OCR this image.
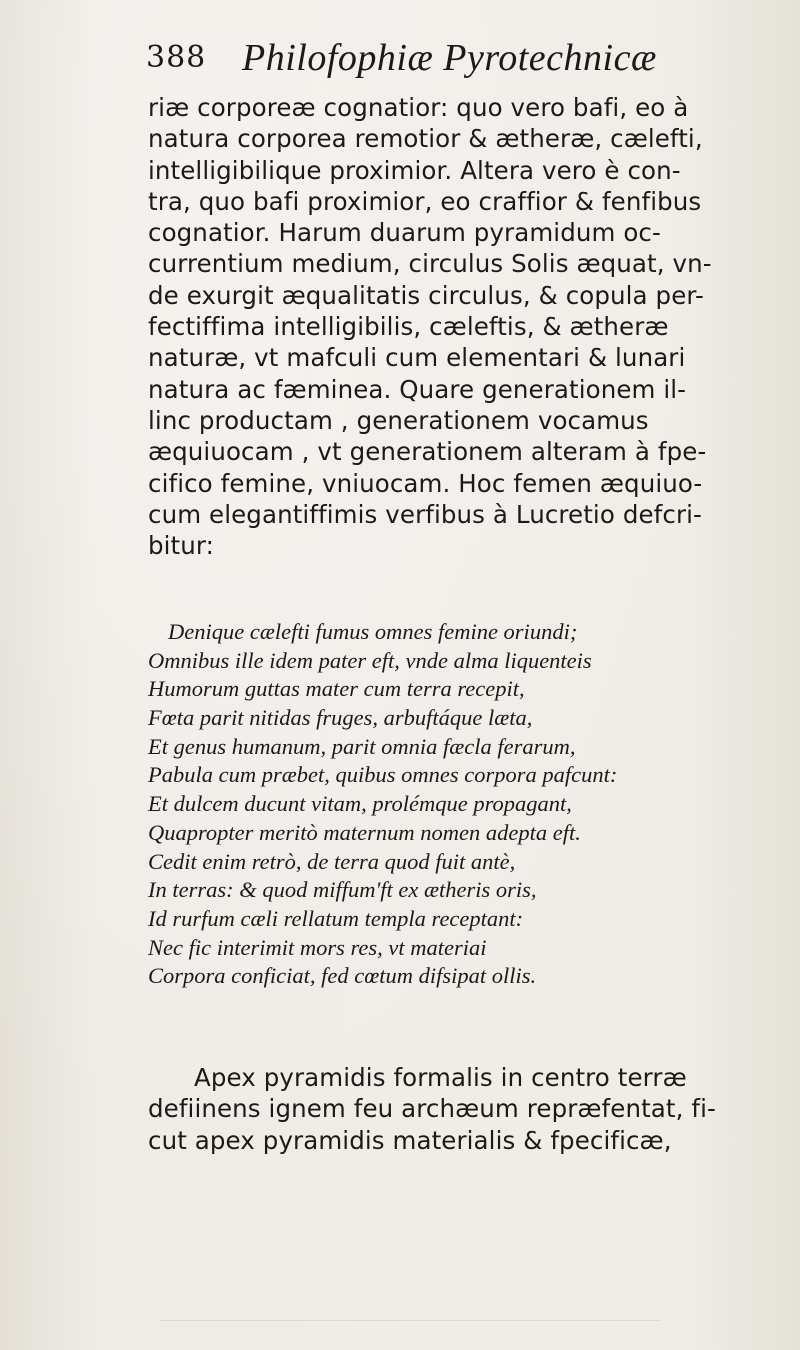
388 Philofophiæ Pyrotechnicæ
riæ corporeæ cognatior: quo vero bafi, eo à
natura corporea remotior & ætheræ, cælefti,
intelligibilique proximior. Altera vero è con-
tra, quo bafi proximior, eo craffior & fenfibus
cognatior. Harum duarum pyramidum oc-
currentium medium, circulus Solis æquat, vn-
de exurgit æqualitatis circulus, & copula per-
fectiffima intelligibilis, cæleftis, & ætheræ
naturæ, vt mafculi cum elementari & lunari
natura ac fæminea. Quare generationem il-
linc productam , generationem vocamus
æquiuocam , vt generationem alteram à fpe-
cifico femine, vniuocam. Hoc femen æquiuo-
cum elegantiffimis verfibus à Lucretio defcri-
bitur:
Denique cælefti fumus omnes femine oriundi;
Omnibus ille idem pater eft, vnde alma liquenteis
Humorum guttas mater cum terra recepit,
Fœta parit nitidas fruges, arbuftáque læta,
Et genus humanum, parit omnia fæcla ferarum,
Pabula cum præbet, quibus omnes corpora pafcunt:
Et dulcem ducunt vitam, prolémque propagant,
Quapropter meritò maternum nomen adepta eft.
Cedit enim retrò, de terra quod fuit antè,
In terras: & quod miffum'ft ex ætheris oris,
Id rurfum cæli rellatum templa receptant:
Nec fic interimit mors res, vt materiai
Corpora conficiat, fed cœtum difsipat ollis.
Apex pyramidis formalis in centro terræ
defiinens ignem feu archæum repræfentat, fi-
cut apex pyramidis materialis & fpecificæ,
